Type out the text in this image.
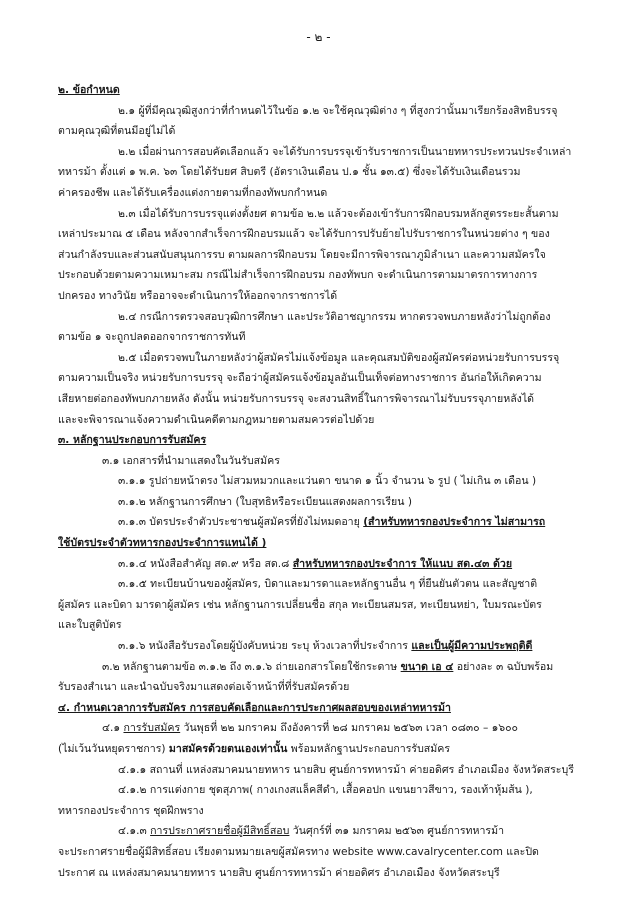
- ๒ -

๒. ข้อกำหนด

๒.๑ ผู้ที่มีคุณวุฒิสูงกว่าที่กำหนดไว้ในข้อ ๑.๒ จะใช้คุณวุฒิต่าง ๆ ที่สูงกว่านั้นมาเรียกร้องสิทธิบรรจุ

ตามคุณวุฒิที่ตนมีอยู่ไม่ได้

๒.๒ เมื่อผ่านการสอบคัดเลือกแล้ว จะได้รับการบรรจุเข้ารับราชการเป็นนายทหารประทวนประจำเหล่า

ทหารม้า ตั้งแต่ ๑ พ.ค. ๖๓ โดยได้รับยศ สิบตรี (อัตราเงินเดือน ป.๑ ชั้น ๑๓.๕) ซึ่งจะได้รับเงินเดือนรวม

ค่าครองชีพ และได้รับเครื่องแต่งกายตามที่กองทัพบกกำหนด

๒.๓ เมื่อได้รับการบรรจุแต่งตั้งยศ ตามข้อ ๒.๒ แล้วจะต้องเข้ารับการฝึกอบรมหลักสูตรระยะสั้นตาม

เหล่าประมาณ ๕ เดือน หลังจากสำเร็จการฝึกอบรมแล้ว จะได้รับการปรับย้ายไปรับราชการในหน่วยต่าง ๆ ของ

ส่วนกำลังรบและส่วนสนับสนุนการรบ ตามผลการฝึกอบรม โดยจะมีการพิจารณาภูมิลำเนา และความสมัครใจ

ประกอบด้วยตามความเหมาะสม กรณีไม่สำเร็จการฝึกอบรม กองทัพบก จะดำเนินการตามมาตรการทางการ

ปกครอง ทางวินัย หรืออาจจะดำเนินการให้ออกจากราชการได้

๒.๔ กรณีการตรวจสอบวุฒิการศึกษา และประวัติอาชญากรรม หากตรวจพบภายหลังว่าไม่ถูกต้อง

ตามข้อ ๑ จะถูกปลดออกจากราชการทันที

๒.๕ เมื่อตรวจพบในภายหลังว่าผู้สมัครไม่แจ้งข้อมูล และคุณสมบัติของผู้สมัครต่อหน่วยรับการบรรจุ

ตามความเป็นจริง หน่วยรับการบรรจุ จะถือว่าผู้สมัครแจ้งข้อมูลอันเป็นเท็จต่อทางราชการ อันก่อให้เกิดความ

เสียหายต่อกองทัพบกภายหลัง ดังนั้น หน่วยรับการบรรจุ จะสงวนสิทธิ์ในการพิจารณาไม่รับบรรจุภายหลังได้

และจะพิจารณาแจ้งความดำเนินคดีตามกฎหมายตามสมควรต่อไปด้วย

๓. หลักฐานประกอบการรับสมัคร

๓.๑ เอกสารที่นำมาแสดงในวันรับสมัคร

๓.๑.๑ รูปถ่ายหน้าตรง ไม่สวมหมวกและแว่นตา ขนาด ๑ นิ้ว จำนวน ๖ รูป ( ไม่เกิน ๓ เดือน )

๓.๑.๒ หลักฐานการศึกษา (ใบสุทธิหรือระเบียนแสดงผลการเรียน )

๓.๑.๓ บัตรประจำตัวประชาชนผู้สมัครที่ยังไม่หมดอายุ (สำหรับทหารกองประจำการ ไม่สามารถ

ใช้บัตรประจำตัวทหารกองประจำการแทนได้ )

๓.๑.๔ หนังสือสำคัญ สด.๙ หรือ สด.๘ สำหรับทหารกองประจำการ ให้แนบ สด.๔๓ ด้วย

๓.๑.๕ ทะเบียนบ้านของผู้สมัคร, บิดาและมารดาและหลักฐานอื่น ๆ ที่ยืนยันตัวตน และสัญชาติ

ผู้สมัคร และบิดา มารดาผู้สมัคร เช่น หลักฐานการเปลี่ยนชื่อ สกุล ทะเบียนสมรส, ทะเบียนหย่า, ใบมรณะบัตร

และใบสูติบัตร

๓.๑.๖ หนังสือรับรองโดยผู้บังคับหน่วย ระบุ ห้วงเวลาที่ประจำการ และเป็นผู้มีความประพฤติดี

๓.๒ หลักฐานตามข้อ ๓.๑.๒ ถึง ๓.๑.๖ ถ่ายเอกสารโดยใช้กระดาษ ขนาด เอ ๔ อย่างละ ๓ ฉบับพร้อม

รับรองสำเนา และนำฉบับจริงมาแสดงต่อเจ้าหน้าที่ที่รับสมัครด้วย

๔. กำหนดเวลาการรับสมัคร การสอบคัดเลือกและการประกาศผลสอบของเหล่าทหารม้า

๔.๑ การรับสมัคร วันพุธที่ ๒๒ มกราคม ถึงอังคารที่ ๒๘ มกราคม ๒๕๖๓ เวลา ๐๘๓๐ – ๑๖๐๐

(ไม่เว้นวันหยุดราชการ) มาสมัครด้วยตนเองเท่านั้น พร้อมหลักฐานประกอบการรับสมัคร

๔.๑.๑ สถานที่ แหล่งสมาคมนายทหาร นายสิบ ศูนย์การทหารม้า ค่ายอดิศร อำเภอเมือง จังหวัดสระบุรี

๔.๑.๒ การแต่งกาย ชุดสุภาพ( กางเกงสแล็คสีดำ, เสื้อคอปก แขนยาวสีขาว, รองเท้าหุ้มส้น ),

ทหารกองประจำการ ชุดฝึกพราง

๔.๑.๓ การประกาศรายชื่อผู้มีสิทธิ์สอบ วันศุกร์ที่ ๓๑ มกราคม ๒๕๖๓ ศูนย์การทหารม้า

จะประกาศรายชื่อผู้มีสิทธิ์สอบ เรียงตามหมายเลขผู้สมัครทาง website www.cavalrycenter.com และปิด

ประกาศ ณ แหล่งสมาคมนายทหาร นายสิบ ศูนย์การทหารม้า ค่ายอดิศร อำเภอเมือง จังหวัดสระบุรี
